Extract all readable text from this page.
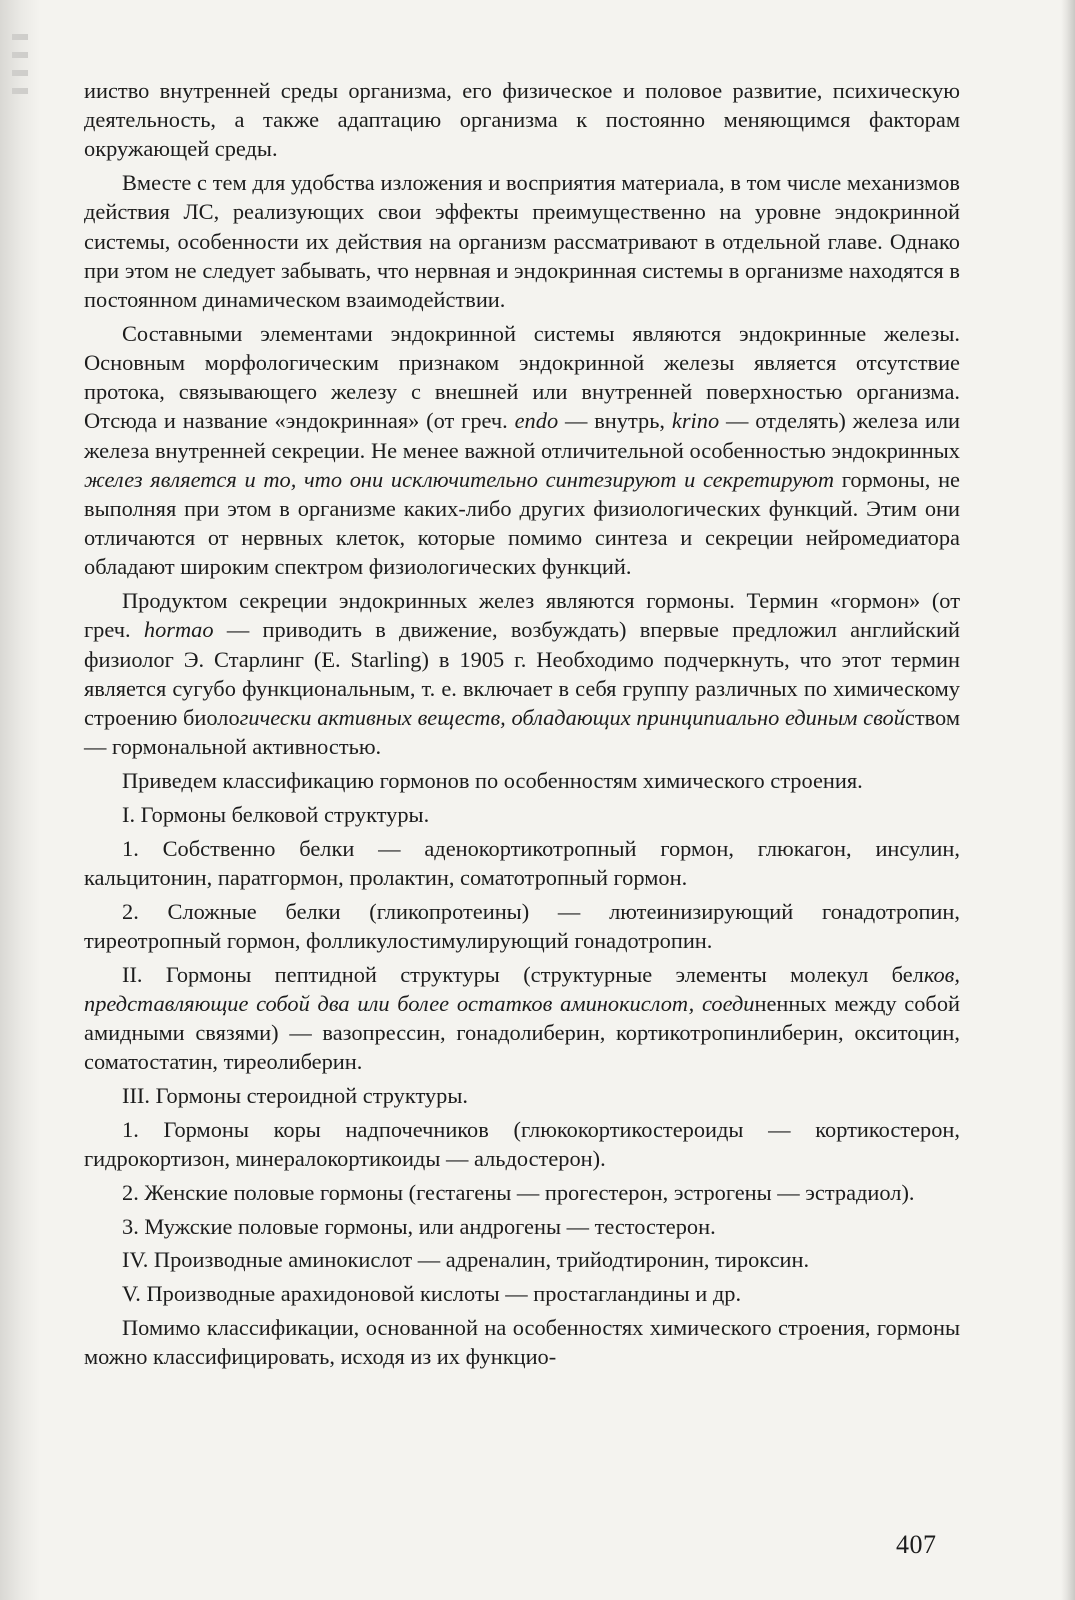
ииство внутренней среды организма, его физическое и половое развитие, психическую деятельность, а также адаптацию организма к постоянно меняющимся факторам окружающей среды.

Вместе с тем для удобства изложения и восприятия материала, в том числе механизмов действия ЛС, реализующих свои эффекты преимущественно на уровне эндокринной системы, особенности их действия на организм рассматривают в отдельной главе. Однако при этом не следует забывать, что нервная и эндокринная системы в организме находятся в постоянном динамическом взаимодействии.

Составными элементами эндокринной системы являются эндокринные железы. Основным морфологическим признаком эндокринной железы является отсутствие протока, связывающего железу с внешней или внутренней поверхностью организма. Отсюда и название «эндокринная» (от греч. endo — внутрь, krino — отделять) железа или железа внутренней секреции. Не менее важной отличительной особенностью эндокринных желез является и то, что они исключительно синтезируют и секретируют гормоны, не выполняя при этом в организме каких-либо других физиологических функций. Этим они отличаются от нервных клеток, которые помимо синтеза и секреции нейромедиатора обладают широким спектром физиологических функций.

Продуктом секреции эндокринных желез являются гормоны. Термин «гормон» (от греч. hormao — приводить в движение, возбуждать) впервые предложил английский физиолог Э. Старлинг (E. Starling) в 1905 г. Необходимо подчеркнуть, что этот термин является сугубо функциональным, т. е. включает в себя группу различных по химическому строению биологически активных веществ, обладающих принципиально единым свойством — гормональной активностью.

Приведем классификацию гормонов по особенностям химического строения.

I. Гормоны белковой структуры.

1. Собственно белки — аденокортикотропный гормон, глюкагон, инсулин, кальцитонин, паратгормон, пролактин, соматотропный гормон.

2. Сложные белки (гликопротеины) — лютеинизирующий гонадотропин, тиреотропный гормон, фолликулостимулирующий гонадотропин.

II. Гормоны пептидной структуры (структурные элементы молекул белков, представляющие собой два или более остатков аминокислот, соединенных между собой амидными связями) — вазопрессин, гонадолиберин, кортикотропинлиберин, окситоцин, соматостатин, тиреолиберин.

III. Гормоны стероидной структуры.

1. Гормоны коры надпочечников (глюкокортикостероиды — кортикостерон, гидрокортизон, минералокортикоиды — альдостерон).

2. Женские половые гормоны (гестагены — прогестерон, эстрогены — эстрадиол).

3. Мужские половые гормоны, или андрогены — тестостерон.

IV. Производные аминокислот — адреналин, трийодтиронин, тироксин.

V. Производные арахидоновой кислоты — простагландины и др.

Помимо классификации, основанной на особенностях химического строения, гормоны можно классифицировать, исходя из их функцио-

407
